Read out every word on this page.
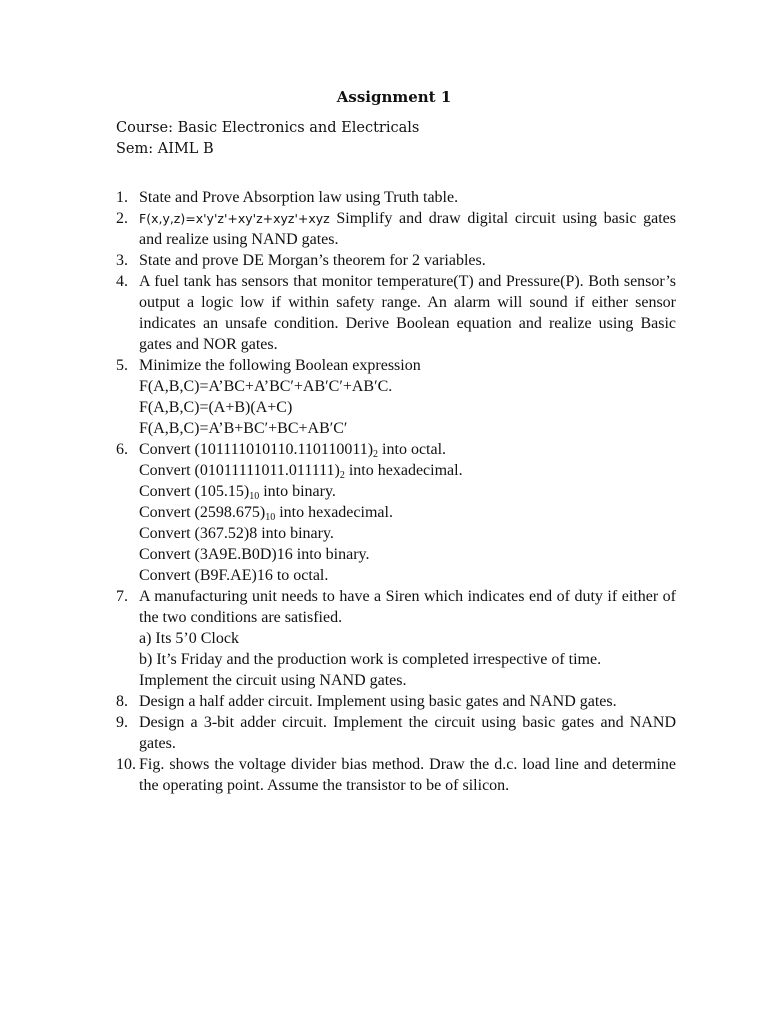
Assignment 1
Course: Basic Electronics and Electricals
Sem: AIML B
1. State and Prove Absorption law using Truth table.
2. F(x,y,z)=x'y'z'+xy'z+xyz'+xyz Simplify and draw digital circuit using basic gates and realize using NAND gates.
3. State and prove DE Morgan’s theorem for 2 variables.
4. A fuel tank has sensors that monitor temperature(T) and Pressure(P). Both sensor’s output a logic low if within safety range. An alarm will sound if either sensor indicates an unsafe condition. Derive Boolean equation and realize using Basic gates and NOR gates.
5. Minimize the following Boolean expression
F(A,B,C)=A’BC+A’BC′+AB′C′+AB′C.
F(A,B,C)=(A+B)(A+C)
F(A,B,C)=A’B+BC′+BC+AB′C′
6. Convert $(101111010110.110110011)_2$ into octal.
Convert $(01011111011.011111)_2$ into hexadecimal.
Convert $(105.15)_{10}$ into binary.
Convert $(2598.675)_{10}$ into hexadecimal.
Convert (367.52)8 into binary.
Convert (3A9E.B0D)16 into binary.
Convert (B9F.AE)16 to octal.
7. A manufacturing unit needs to have a Siren which indicates end of duty if either of the two conditions are satisfied.
a) Its 5’0 Clock
b) It’s Friday and the production work is completed irrespective of time.
Implement the circuit using NAND gates.
8. Design a half adder circuit. Implement using basic gates and NAND gates.
9. Design a 3-bit adder circuit. Implement the circuit using basic gates and NAND gates.
10. Fig. shows the voltage divider bias method. Draw the d.c. load line and determine the operating point. Assume the transistor to be of silicon.
